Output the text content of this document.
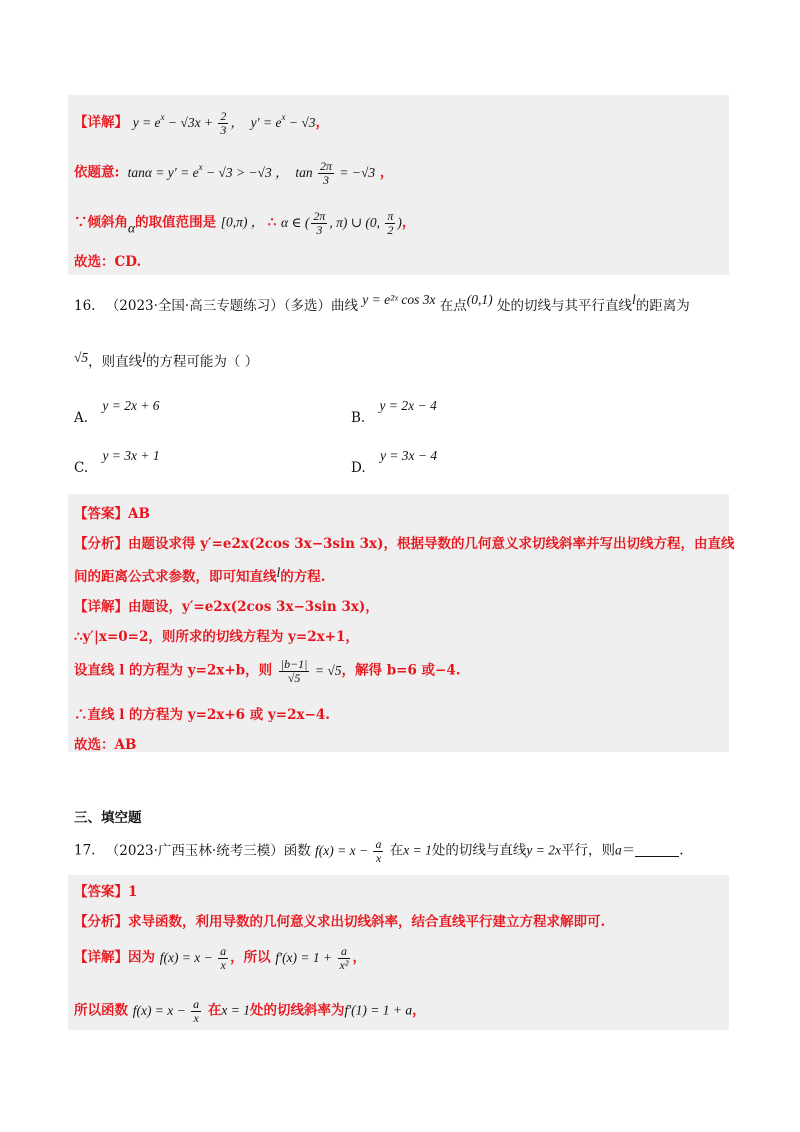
【详解】 $y = e^x - √3x + \frac{2}{3}$ ，  $y' = e^x - √3$，
依题意:  $\tan\alpha = y' = e^x - √3 > -√3$ ，  $\tan \frac{2\pi}{3} = -√3$ ，
∵倾斜角α的取值范围是 [0,π) ， ∴ α ∈ ( $\frac{2\pi}{3}$ , π) ∪ (0, $\frac{\pi}{2}$ )，
故选：CD.
16. （2023·全国·高三专题练习）（多选）曲线 y = e²ˣ cos 3x 在点(0,1) 处的切线与其平行直线l的距离为
√5，则直线l的方程可能为（ ）
A. y = 2x + 6
B. y = 2x − 4
C. y = 3x + 1
D. y = 3x − 4
【答案】AB
【分析】由题设求得 y′=e2x(2cos 3x−3sin 3x)，根据导数的几何意义求切线斜率并写出切线方程，由直线
间的距离公式求参数，即可知直线l的方程.
【详解】由题设，y′=e2x(2cos 3x−3sin 3x)，
∴y′|x=0=2，则所求的切线方程为 y=2x+1，
设直线 l 的方程为 y=2x+b，则 $\frac{|b-1|}{√5} = √5$，解得 b=6 或−4.
∴直线 l 的方程为 y=2x+6 或 y=2x−4.
故选：AB
三、填空题
17. （2023·广西玉林·统考三模）函数 $f(x) = x - \frac{a}{x}$ 在x = 1处的切线与直线y = 2x平行，则a＝	.
【答案】1
【分析】求导函数，利用导数的几何意义求出切线斜率，结合直线平行建立方程求解即可.
【详解】因为 $f(x) = x - \frac{a}{x}$ ，所以 $f'(x) = 1 + \frac{a}{\text{x²}}$ ，
所以函数 $f(x) = x - \frac{a}{x}$ 在x = 1处的切线斜率为f′(1) = 1 + a，
